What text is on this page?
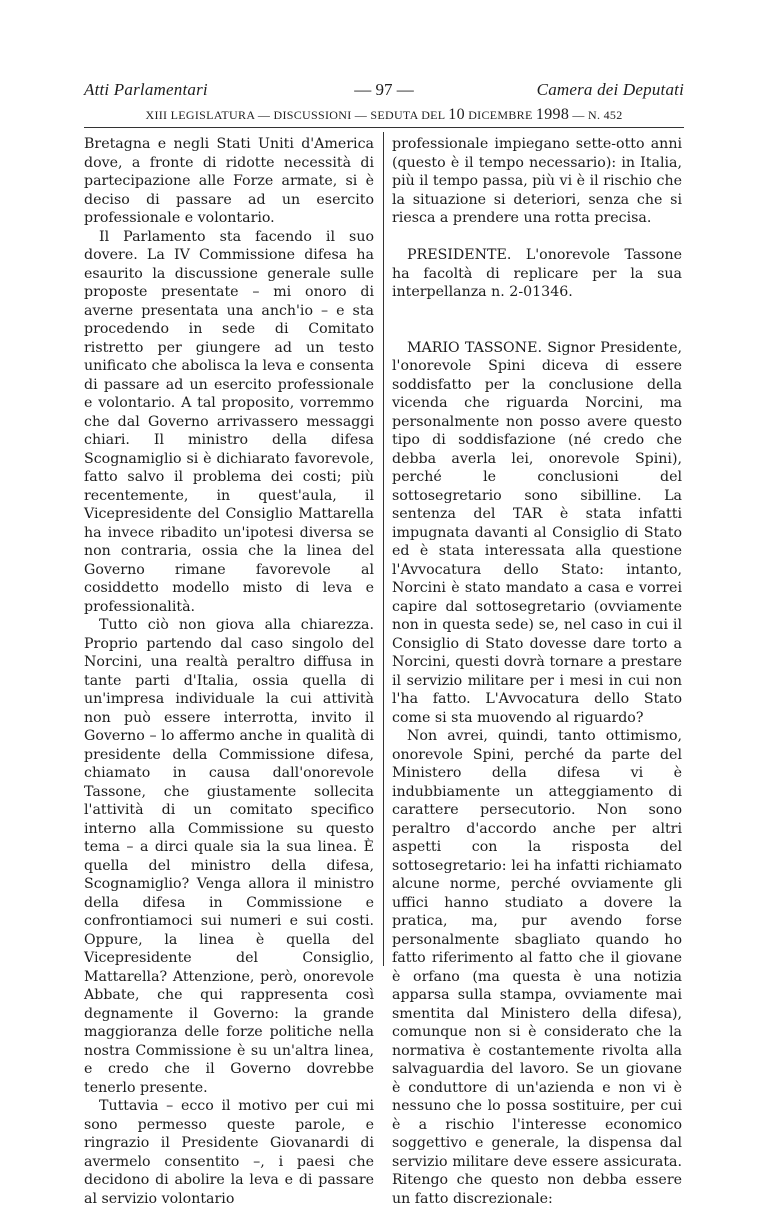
Atti Parlamentari	— 97 —	Camera dei Deputati
XIII LEGISLATURA — DISCUSSIONI — SEDUTA DEL 10 DICEMBRE 1998 — N. 452

Bretagna e negli Stati Uniti d'America dove, a fronte di ridotte necessità di partecipazione alle Forze armate, si è deciso di passare ad un esercito professionale e volontario.

Il Parlamento sta facendo il suo dovere. La IV Commissione difesa ha esaurito la discussione generale sulle proposte presentate – mi onoro di averne presentata una anch'io – e sta procedendo in sede di Comitato ristretto per giungere ad un testo unificato che abolisca la leva e consenta di passare ad un esercito professionale e volontario. A tal proposito, vorremmo che dal Governo arrivassero messaggi chiari. Il ministro della difesa Scognamiglio si è dichiarato favorevole, fatto salvo il problema dei costi; più recentemente, in quest'aula, il Vicepresidente del Consiglio Mattarella ha invece ribadito un'ipotesi diversa se non contraria, ossia che la linea del Governo rimane favorevole al cosiddetto modello misto di leva e professionalità.

Tutto ciò non giova alla chiarezza. Proprio partendo dal caso singolo del Norcini, una realtà peraltro diffusa in tante parti d'Italia, ossia quella di un'impresa individuale la cui attività non può essere interrotta, invito il Governo – lo affermo anche in qualità di presidente della Commissione difesa, chiamato in causa dall'onorevole Tassone, che giustamente sollecita l'attività di un comitato specifico interno alla Commissione su questo tema – a dirci quale sia la sua linea. È quella del ministro della difesa, Scognamiglio? Venga allora il ministro della difesa in Commissione e confrontiamoci sui numeri e sui costi. Oppure, la linea è quella del Vicepresidente del Consiglio, Mattarella? Attenzione, però, onorevole Abbate, che qui rappresenta così degnamente il Governo: la grande maggioranza delle forze politiche nella nostra Commissione è su un'altra linea, e credo che il Governo dovrebbe tenerlo presente.

Tuttavia – ecco il motivo per cui mi sono permesso queste parole, e ringrazio il Presidente Giovanardi di avermelo consentito –, i paesi che decidono di abolire la leva e di passare al servizio volontario

professionale impiegano sette-otto anni (questo è il tempo necessario): in Italia, più il tempo passa, più vi è il rischio che la situazione si deteriori, senza che si riesca a prendere una rotta precisa.

PRESIDENTE. L'onorevole Tassone ha facoltà di replicare per la sua interpellanza n. 2-01346.

MARIO TASSONE. Signor Presidente, l'onorevole Spini diceva di essere soddisfatto per la conclusione della vicenda che riguarda Norcini, ma personalmente non posso avere questo tipo di soddisfazione (né credo che debba averla lei, onorevole Spini), perché le conclusioni del sottosegretario sono sibilline. La sentenza del TAR è stata infatti impugnata davanti al Consiglio di Stato ed è stata interessata alla questione l'Avvocatura dello Stato: intanto, Norcini è stato mandato a casa e vorrei capire dal sottosegretario (ovviamente non in questa sede) se, nel caso in cui il Consiglio di Stato dovesse dare torto a Norcini, questi dovrà tornare a prestare il servizio militare per i mesi in cui non l'ha fatto. L'Avvocatura dello Stato come si sta muovendo al riguardo?

Non avrei, quindi, tanto ottimismo, onorevole Spini, perché da parte del Ministero della difesa vi è indubbiamente un atteggiamento di carattere persecutorio. Non sono peraltro d'accordo anche per altri aspetti con la risposta del sottosegretario: lei ha infatti richiamato alcune norme, perché ovviamente gli uffici hanno studiato a dovere la pratica, ma, pur avendo forse personalmente sbagliato quando ho fatto riferimento al fatto che il giovane è orfano (ma questa è una notizia apparsa sulla stampa, ovviamente mai smentita dal Ministero della difesa), comunque non si è considerato che la normativa è costantemente rivolta alla salvaguardia del lavoro. Se un giovane è conduttore di un'azienda e non vi è nessuno che lo possa sostituire, per cui è a rischio l'interesse economico soggettivo e generale, la dispensa dal servizio militare deve essere assicurata. Ritengo che questo non debba essere un fatto discrezionale:
